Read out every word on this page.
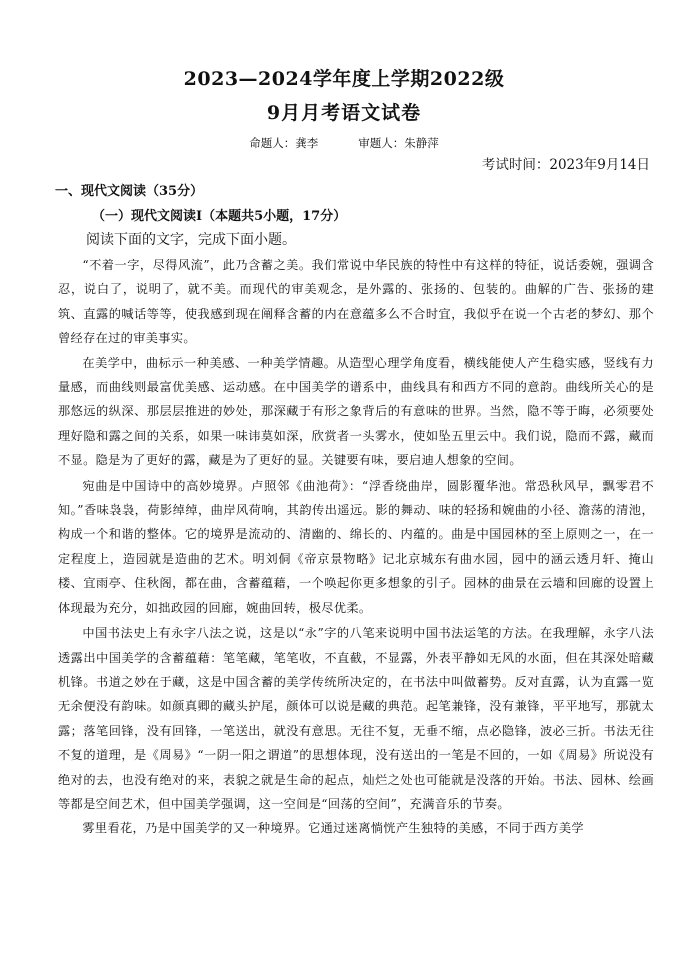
2023—2024学年度上学期2022级
9月月考语文试卷
命题人：龚李	审题人：朱静萍
考试时间：2023年9月14日
一、现代文阅读（35分）
（一）现代文阅读Ⅰ（本题共5小题，17分）
阅读下面的文字，完成下面小题。

“不着一字，尽得风流”，此乃含蓄之美。我们常说中华民族的特性中有这样的特征，说话委婉，强调含忍，说白了，说明了，就不美。而现代的审美观念，是外露的、张扬的、包装的。曲解的广告、张扬的建筑、直露的喊话等等，使我感到现在阐释含蓄的内在意蕴多么不合时宜，我似乎在说一个古老的梦幻、那个曾经存在过的审美事实。

在美学中，曲标示一种美感、一种美学情趣。从造型心理学角度看，横线能使人产生稳实感，竖线有力量感，而曲线则最富优美感、运动感。在中国美学的谱系中，曲线具有和西方不同的意韵。曲线所关心的是那悠远的纵深、那层层推进的妙处，那深藏于有形之象背后的有意味的世界。当然，隐不等于晦，必须要处理好隐和露之间的关系，如果一味讳莫如深，欣赏者一头雾水，使如坠五里云中。我们说，隐而不露，藏而不显。隐是为了更好的露，藏是为了更好的显。关键要有味，要启迪人想象的空间。

宛曲是中国诗中的高妙境界。卢照邻《曲池荷》：“浮香绕曲岸，圆影覆华池。常恐秋风早，飘零君不知。”香味袅袅，荷影绰绰，曲岸风荷响，其韵传出遥远。影的舞动、味的轻扬和婉曲的小径、澹荡的清池，构成一个和谐的整体。它的境界是流动的、清幽的、绵长的、内蕴的。曲是中国园林的至上原则之一，在一定程度上，造园就是造曲的艺术。明刘侗《帝京景物略》记北京城东有曲水园，园中的涵云透月轩、掩山楼、宜雨亭、住秋阁，都在曲，含蓄蕴藉，一个唤起你更多想象的引子。园林的曲景在云墙和回廊的设置上体现最为充分，如拙政园的回廊，婉曲回转，极尽优柔。

中国书法史上有永字八法之说，这是以“永”字的八笔来说明中国书法运笔的方法。在我理解，永字八法透露出中国美学的含蓄蕴藉：笔笔藏，笔笔收，不直截，不显露，外表平静如无风的水面，但在其深处暗藏机锋。书道之妙在于藏，这是中国含蓄的美学传统所决定的，在书法中叫做蓄势。反对直露，认为直露一览无余便没有韵味。如颜真卿的藏头护尾，颜体可以说是藏的典范。起笔兼锋，没有兼锋，平平地写，那就太露；落笔回锋，没有回锋，一笔送出，就没有意思。无往不复，无垂不缩，点必隐锋，波必三折。书法无往不复的道理，是《周易》“一阴一阳之谓道”的思想体现，没有送出的一笔是不回的，一如《周易》所说没有绝对的去，也没有绝对的来，表貌之就是生命的起点，灿烂之处也可能就是没落的开始。书法、园林、绘画等都是空间艺术，但中国美学强调，这一空间是“回荡的空间”，充满音乐的节奏。

雾里看花，乃是中国美学的又一种境界。它通过迷离惝恍产生独特的美感，不同于西方美学
